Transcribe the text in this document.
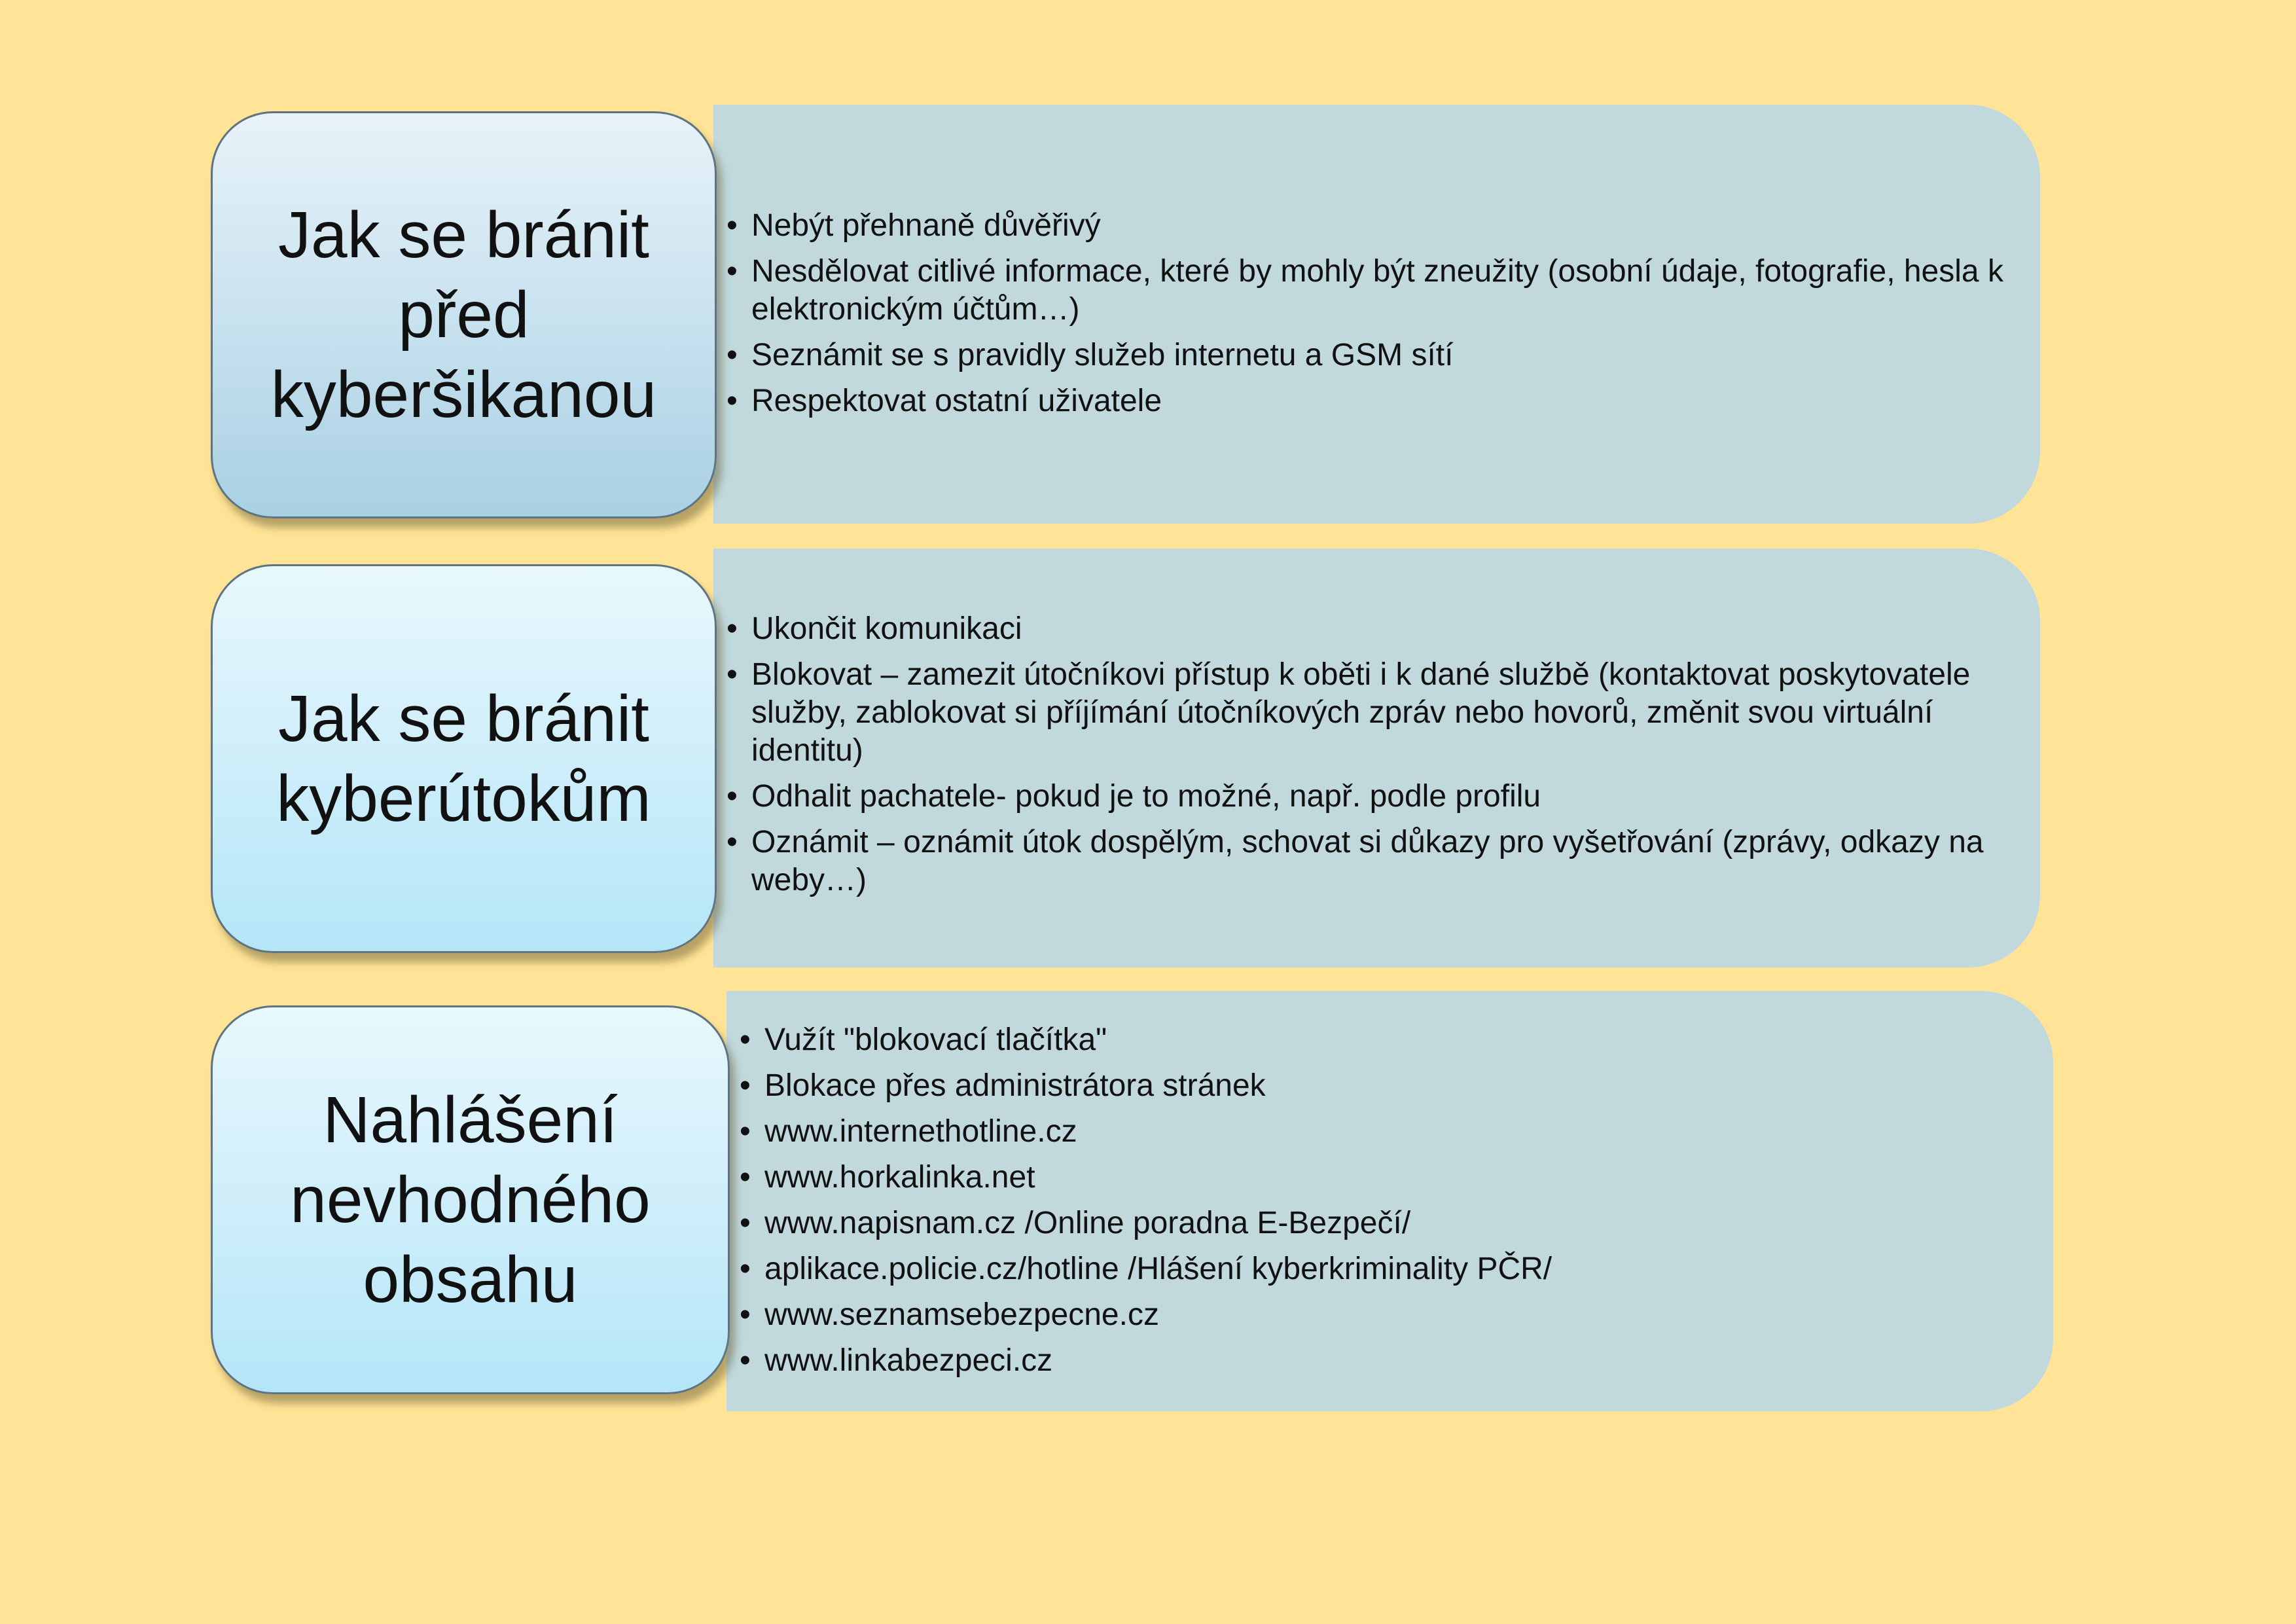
Jak se bránit před kyberšikanou
• Nebýt přehnaně důvěřivý
• Nesdělovat citlivé informace, které by mohly být zneužity (osobní údaje, fotografie, hesla k elektronickým účtům…)
• Seznámit se s pravidly služeb internetu a GSM sítí
• Respektovat ostatní uživatele
Jak se bránit kyberútokům
• Ukončit komunikaci
• Blokovat – zamezit útočníkovi přístup k oběti i k dané službě (kontaktovat poskytovatele služby, zablokovat si příjímání útočníkových zpráv nebo hovorů, změnit svou virtuální identitu)
• Odhalit pachatele- pokud je to možné, např. podle profilu
• Oznámit – oznámit útok dospělým, schovat si důkazy pro vyšetřování (zprávy, odkazy na weby…)
Nahlášení nevhodného obsahu
• Vužít "blokovací tlačítka"
• Blokace přes administrátora stránek
• www.internethotline.cz
• www.horkalinka.net
• www.napisnam.cz /Online poradna E-Bezpečí/
• aplikace.policie.cz/hotline /Hlášení kyberkriminality PČR/
• www.seznamsebezpecne.cz
• www.linkabezpeci.cz
